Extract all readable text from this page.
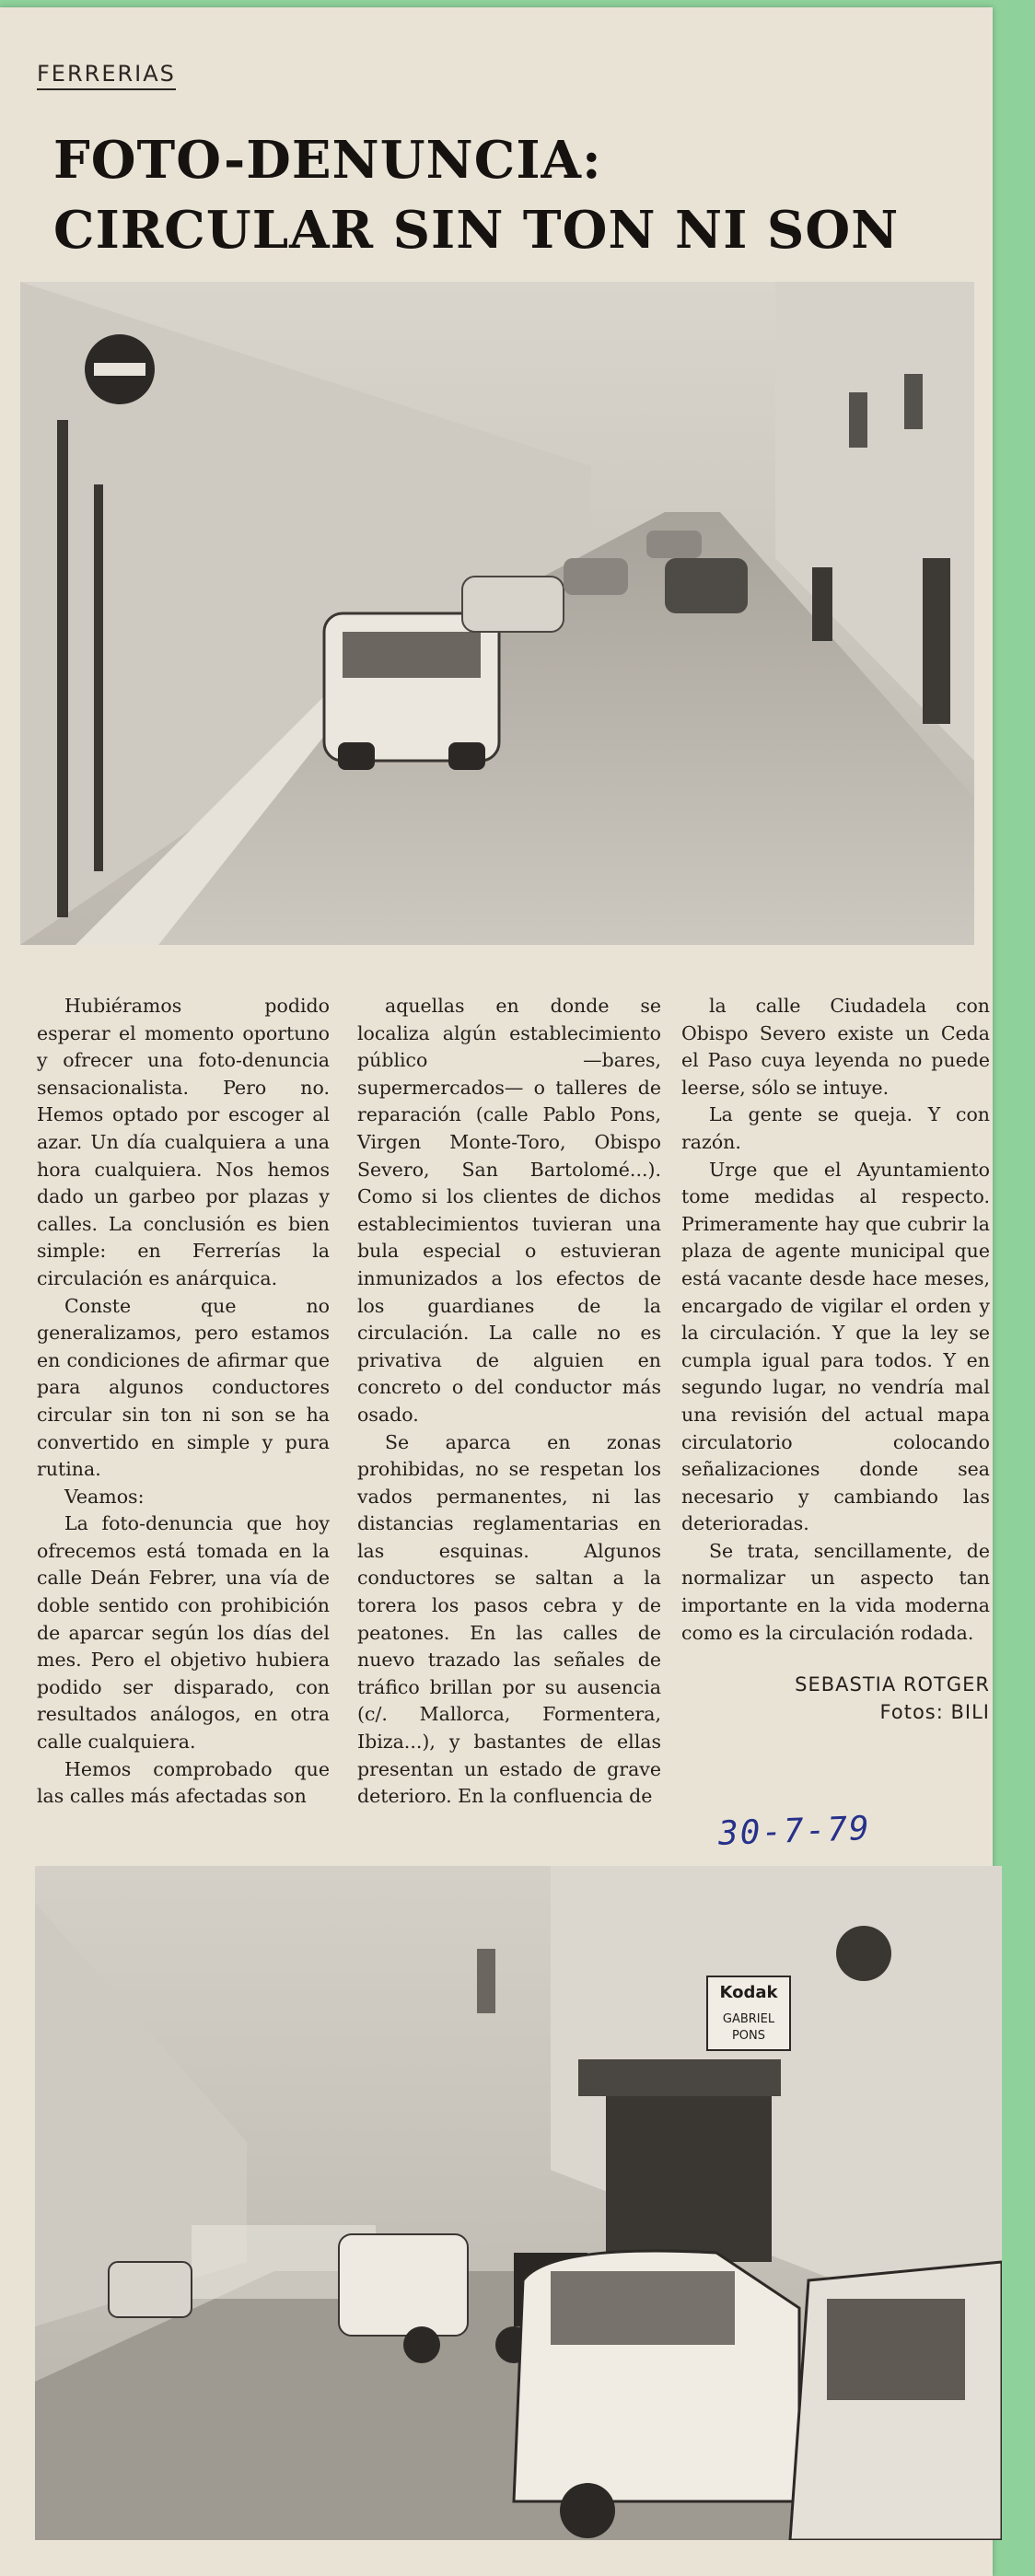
FERRERIAS
FOTO-DENUNCIA:
CIRCULAR SIN TON NI SON

Hubiéramos podido esperar el momento oportuno y ofrecer una foto-denuncia sensacionalista. Pero no. Hemos optado por escoger al azar. Un día cualquiera a una hora cualquiera. Nos hemos dado un garbeo por plazas y calles. La conclusión es bien simple: en Ferrerías la circulación es anárquica.

Conste que no generalizamos, pero estamos en condiciones de afirmar que para algunos conductores circular sin ton ni son se ha convertido en simple y pura rutina.

Veamos:

La foto-denuncia que hoy ofrecemos está tomada en la calle Deán Febrer, una vía de doble sentido con prohibición de aparcar según los días del mes. Pero el objetivo hubiera podido ser disparado, con resultados análogos, en otra calle cualquiera.

Hemos comprobado que las calles más afectadas son

aquellas en donde se localiza algún establecimiento público —bares, supermercados— o talleres de reparación (calle Pablo Pons, Virgen Monte-Toro, Obispo Severo, San Bartolomé...). Como si los clientes de dichos establecimientos tuvieran una bula especial o estuvieran inmunizados a los efectos de los guardianes de la circulación. La calle no es privativa de alguien en concreto o del conductor más osado.

Se aparca en zonas prohibidas, no se respetan los vados permanentes, ni las distancias reglamentarias en las esquinas. Algunos conductores se saltan a la torera los pasos cebra y de peatones. En las calles de nuevo trazado las señales de tráfico brillan por su ausencia (c/. Mallorca, Formentera, Ibiza...), y bastantes de ellas presentan un estado de grave deterioro. En la confluencia de

la calle Ciudadela con Obispo Severo existe un Ceda el Paso cuya leyenda no puede leerse, sólo se intuye.

La gente se queja. Y con razón.

Urge que el Ayuntamiento tome medidas al respecto. Primeramente hay que cubrir la plaza de agente municipal que está vacante desde hace meses, encargado de vigilar el orden y la circulación. Y que la ley se cumpla igual para todos. Y en segundo lugar, no vendría mal una revisión del actual mapa circulatorio colocando señalizaciones donde sea necesario y cambiando las deterioradas.

Se trata, sencillamente, de normalizar un aspecto tan importante en la vida moderna como es la circulación rodada.

SEBASTIA ROTGER
Fotos: BILI
30-7-79
Kodak
GABRIEL
PONS
